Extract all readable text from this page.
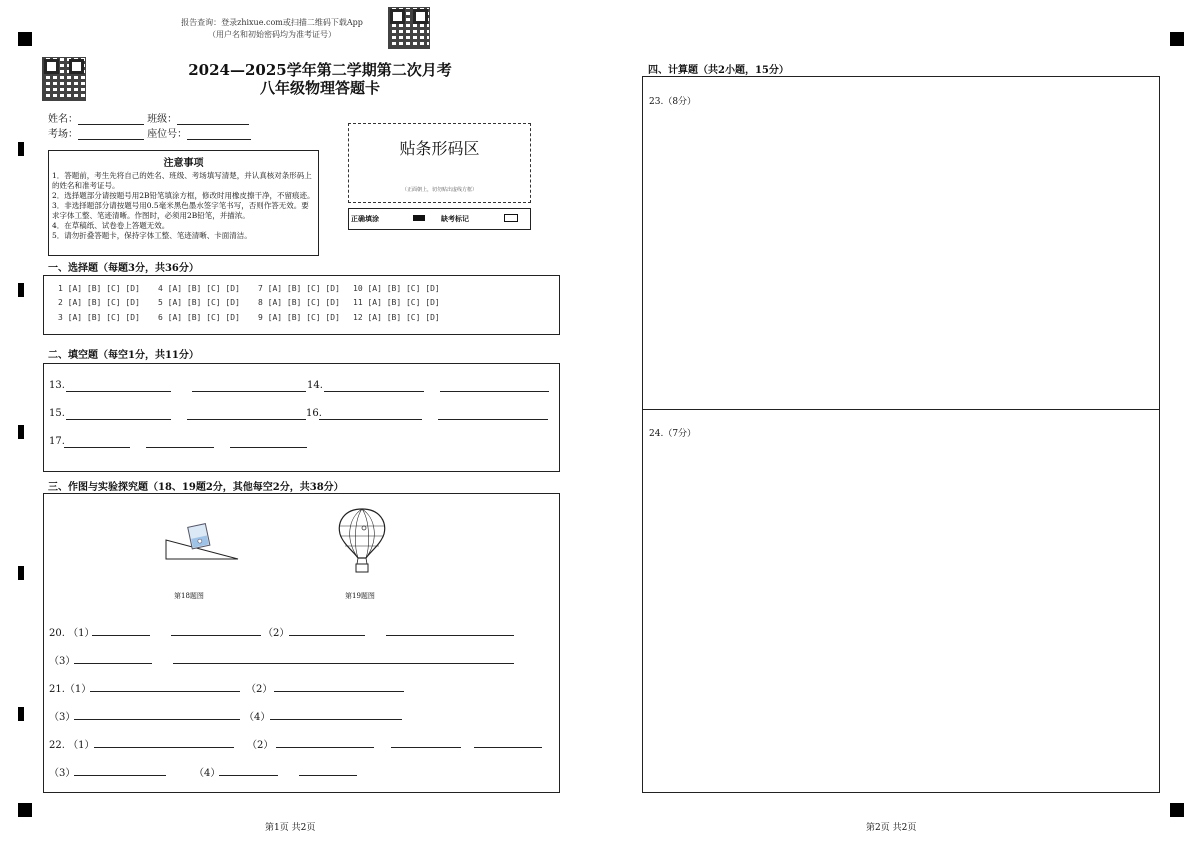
报告查询：登录zhixue.com或扫描二维码下载App
（用户名和初始密码均为准考证号）
2024—2025学年第二学期第二次月考
八年级物理答题卡
姓名：	班级：
考场：	座位号：
贴条形码区
（正面朝上，切勿贴出虚线方框）
正确填涂	缺考标记
注意事项

1．答题前，考生先将自己的姓名、班级、考场填写清楚，并认真核对条形码上的姓名和准考证号。

2．选择题部分请按题号用2B铅笔填涂方框，修改时用橡皮擦干净，不留痕迹。

3．非选择题部分请按题号用0.5毫米黑色墨水签字笔书写，否则作答无效。要求字体工整、笔迹清晰。作图时，必须用2B铅笔，并描浓。

4．在草稿纸、试卷卷上答题无效。

5．请勿折叠答题卡，保持字体工整、笔迹清晰、卡面清洁。

一、选择题（每题3分，共36分）
1 [A] [B] [C] [D] 4 [A] [B] [C] [D] 7 [A] [B] [C] [D] 10 [A] [B] [C] [D]
2 [A] [B] [C] [D] 5 [A] [B] [C] [D] 8 [A] [B] [C] [D] 11 [A] [B] [C] [D]
3 [A] [B] [C] [D] 6 [A] [B] [C] [D] 9 [A] [B] [C] [D] 12 [A] [B] [C] [D]
二、填空题（每空1分，共11分）
13.	14.
15.	16.
17.
三、作图与实验探究题（18、19题2分，其他每空2分，共38分）
第18题图	第19题图
20. （1）	（2）
（3）
21.（1）	（2）
（3）	（4）
22. （1）	（2）
（3）	（4）
四、计算题（共2小题，15分）
23.（8分）
24.（7分）
第1页 共2页	第2页 共2页
